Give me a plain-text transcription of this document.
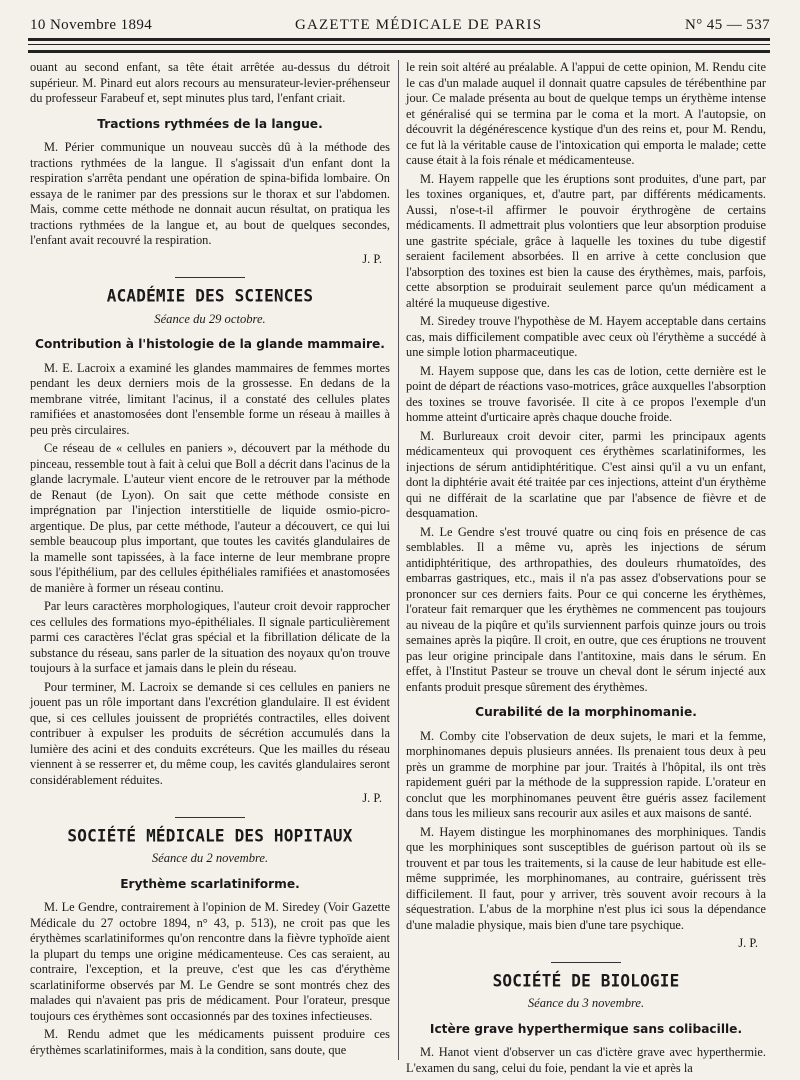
10 Novembre 1894	GAZETTE MÉDICALE DE PARIS	N° 45 — 537

ouant au second enfant, sa tête était arrêtée au-dessus du détroit supérieur. M. Pinard eut alors recours au mensurateur-levier-préhenseur du professeur Farabeuf et, sept minutes plus tard, l'enfant criait.

Tractions rythmées de la langue.

M. Périer communique un nouveau succès dû à la méthode des tractions rythmées de la langue. Il s'agissait d'un enfant dont la respiration s'arrêta pendant une opération de spina-bifida lombaire. On essaya de le ranimer par des pressions sur le thorax et sur l'abdomen. Mais, comme cette méthode ne donnait aucun résultat, on pratiqua les tractions rythmées de la langue et, au bout de quelques secondes, l'enfant avait recouvré la respiration.

J. P.
ACADÉMIE DES SCIENCES
Séance du 29 octobre.
Contribution à l'histologie de la glande mammaire.

M. E. Lacroix a examiné les glandes mammaires de femmes mortes pendant les deux derniers mois de la grossesse. En dedans de la membrane vitrée, limitant l'acinus, il a constaté des cellules plates ramifiées et anastomosées dont l'ensemble forme un réseau à mailles à peu près circulaires.

Ce réseau de « cellules en paniers », découvert par la méthode du pinceau, ressemble tout à fait à celui que Boll a décrit dans l'acinus de la glande lacrymale. L'auteur vient encore de le retrouver par la méthode de Renaut (de Lyon). On sait que cette méthode consiste en imprégnation par l'injection interstitielle de liquide osmio-picro-argentique. De plus, par cette méthode, l'auteur a découvert, ce qui lui semble beaucoup plus important, que toutes les cavités glandulaires de la mamelle sont tapissées, à la face interne de leur membrane propre sous l'épithélium, par des cellules épithéliales ramifiées et anastomosées de manière à former un réseau continu.

Par leurs caractères morphologiques, l'auteur croit devoir rapprocher ces cellules des formations myo-épithéliales. Il signale particulièrement parmi ces caractères l'éclat gras spécial et la fibrillation délicate de la substance du réseau, sans parler de la situation des noyaux qu'on trouve toujours à la surface et jamais dans le plein du réseau.

Pour terminer, M. Lacroix se demande si ces cellules en paniers ne jouent pas un rôle important dans l'excrétion glandulaire. Il est évident que, si ces cellules jouissent de propriétés contractiles, elles doivent contribuer à expulser les produits de sécrétion accumulés dans la lumière des acini et des conduits excréteurs. Que les mailles du réseau viennent à se resserrer et, du même coup, les cavités glandulaires seront considérablement réduites.

J. P.
SOCIÉTÉ MÉDICALE DES HOPITAUX
Séance du 2 novembre.
Erythème scarlatiniforme.

M. Le Gendre, contrairement à l'opinion de M. Siredey (Voir Gazette Médicale du 27 octobre 1894, n° 43, p. 513), ne croit pas que les érythèmes scarlatiniformes qu'on rencontre dans la fièvre typhoïde aient la plupart du temps une origine médicamenteuse. Ces cas seraient, au contraire, l'exception, et la preuve, c'est que les cas d'érythème scarlatiniforme observés par M. Le Gendre se sont montrés chez des malades qui n'avaient pas pris de médicament. Pour l'orateur, presque toujours ces érythèmes sont occasionnés par des toxines infectieuses.

M. Rendu admet que les médicaments puissent produire ces érythèmes scarlatiniformes, mais à la condition, sans doute, que

le rein soit altéré au préalable. A l'appui de cette opinion, M. Rendu cite le cas d'un malade auquel il donnait quatre capsules de térébenthine par jour. Ce malade présenta au bout de quelque temps un érythème intense et généralisé qui se termina par le coma et la mort. A l'autopsie, on découvrit la dégénérescence kystique d'un des reins et, pour M. Rendu, ce fut là la véritable cause de l'intoxication qui emporta le malade; cette cause était à la fois rénale et médicamenteuse.

M. Hayem rappelle que les éruptions sont produites, d'une part, par les toxines organiques, et, d'autre part, par différents médicaments. Aussi, n'ose-t-il affirmer le pouvoir érythrogène de certains médicaments. Il admettrait plus volontiers que leur absorption produise une gastrite spéciale, grâce à laquelle les toxines du tube digestif seraient facilement absorbées. Il en arrive à cette conclusion que l'absorption des toxines est bien la cause des érythèmes, mais, parfois, cette absorption se produirait seulement parce qu'un médicament a altéré la muqueuse digestive.

M. Siredey trouve l'hypothèse de M. Hayem acceptable dans certains cas, mais difficilement compatible avec ceux où l'érythème a succédé à une simple lotion pharmaceutique.

M. Hayem suppose que, dans les cas de lotion, cette dernière est le point de départ de réactions vaso-motrices, grâce auxquelles l'absorption des toxines se trouve favorisée. Il cite à ce propos l'exemple d'un homme atteint d'urticaire après chaque douche froide.

M. Burlureaux croit devoir citer, parmi les principaux agents médicamenteux qui provoquent ces érythèmes scarlatiniformes, les injections de sérum antidiphtéritique. C'est ainsi qu'il a vu un enfant, dont la diphtérie avait été traitée par ces injections, atteint d'un érythème qui ne différait de la scarlatine que par l'absence de fièvre et de desquamation.

M. Le Gendre s'est trouvé quatre ou cinq fois en présence de cas semblables. Il a même vu, après les injections de sérum antidiphtéritique, des arthropathies, des douleurs rhumatoïdes, des embarras gastriques, etc., mais il n'a pas assez d'observations pour se prononcer sur ces derniers faits. Pour ce qui concerne les érythèmes, l'orateur fait remarquer que les érythèmes ne commencent pas toujours au niveau de la piqûre et qu'ils surviennent parfois quinze jours ou trois semaines après la piqûre. Il croit, en outre, que ces éruptions ne trouvent pas leur origine principale dans l'antitoxine, mais dans le sérum. En effet, à l'Institut Pasteur se trouve un cheval dont le sérum injecté aux enfants produit presque sûrement des érythèmes.

Curabilité de la morphinomanie.

M. Comby cite l'observation de deux sujets, le mari et la femme, morphinomanes depuis plusieurs années. Ils prenaient tous deux à peu près un gramme de morphine par jour. Traités à l'hôpital, ils ont très rapidement guéri par la méthode de la suppression rapide. L'orateur en conclut que les morphinomanes peuvent être guéris assez facilement dans tous les milieux sans recourir aux asiles et aux maisons de santé.

M. Hayem distingue les morphinomanes des morphiniques. Tandis que les morphiniques sont susceptibles de guérison partout où ils se trouvent et par tous les traitements, si la cause de leur habitude est elle-même supprimée, les morphinomanes, au contraire, guérissent très difficilement. Il faut, pour y arriver, très souvent avoir recours à la séquestration. L'abus de la morphine n'est plus ici sous la dépendance d'une maladie physique, mais bien d'une tare psychique.

J. P.
SOCIÉTÉ DE BIOLOGIE
Séance du 3 novembre.
Ictère grave hyperthermique sans colibacille.

M. Hanot vient d'observer un cas d'ictère grave avec hyperthermie. L'examen du sang, celui du foie, pendant la vie et après la
